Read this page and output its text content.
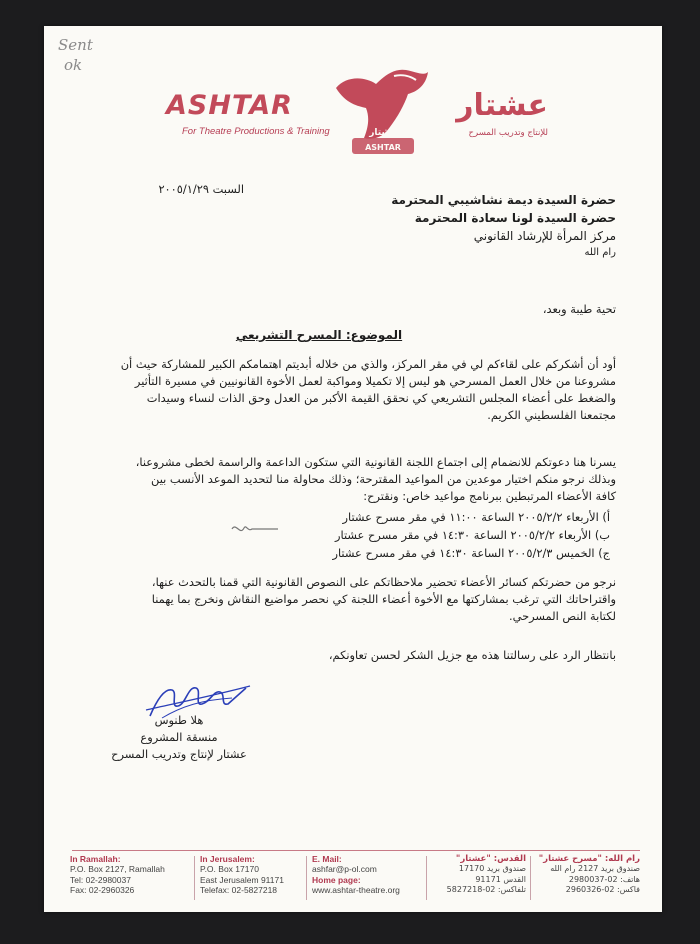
Sent
ok
ASHTAR
For Theatre Productions & Training
ASHTAR
عشتار
عشتار
للإنتاج وتدريب المسرح
السبت ٢٠٠٥/١/٢٩
حضرة السيدة ديمة نشاشيبي المحترمة
حضرة السيدة لونا سعادة المحترمة
مركز المرأة للإرشاد القانوني
رام الله
تحية طيبة وبعد،
الموضوع: المسرح التشريعي
أود أن أشكركم على لقاءكم لي في مقر المركز، والذي من خلاله أبديتم اهتمامكم الكبير للمشاركة حيث أن
مشروعنا من خلال العمل المسرحي هو ليس إلا تكميلا ومواكبة لعمل الأخوة القانونيين في مسيرة التأثير
والضغط على أعضاء المجلس التشريعي كي نحقق القيمة الأكبر من العدل وحق الذات لنساء وسيدات
مجتمعنا الفلسطيني الكريم.
يسرنا هنا دعوتكم للانضمام إلى اجتماع اللجنة القانونية التي ستكون الداعمة والراسمة لخطى مشروعنا،
وبذلك نرجو منكم اختيار موعدين من المواعيد المقترحة؛ وذلك محاولة منا لتحديد الموعد الأنسب بين
كافة الأعضاء المرتبطين ببرنامج مواعيد خاص: ونقترح:
أ) الأربعاء ٢٠٠٥/٢/٢ الساعة ١١:٠٠ في مقر مسرح عشتار
ب) الأربعاء ٢٠٠٥/٢/٢ الساعة ١٤:٣٠ في مقر مسرح عشتار
ج) الخميس ٢٠٠٥/٢/٣ الساعة ١٤:٣٠ في مقر مسرح عشتار
نرجو من حضرتكم كسائر الأعضاء تحضير ملاحظاتكم على النصوص القانونية التي قمنا بالتحدث عنها،
واقتراحاتك التي ترغب بمشاركتها مع الأخوة أعضاء اللجنة كي نحصر مواضيع النقاش ونخرج بما يهمنا
لكتابة النص المسرحي.
بانتظار الرد على رسالتنا هذه مع جزيل الشكر لحسن تعاونكم،
هلا طنوس
منسقة المشروع
عشتار لإنتاج وتدريب المسرح
In Ramallah:
P.O. Box 2127, Ramallah
Tel: 02-2980037
Fax: 02-2960326
In Jerusalem:
P.O. Box 17170
East Jerusalem 91171
Telefax: 02-5827218
E. Mail:
ashfar@p-ol.com
Home page:
www.ashtar-theatre.org
القدس: "عشتار"
صندوق بريد 17170
القدس 91171
تلفاكس: 02-5827218
رام الله: "مسرح عشتار"
صندوق بريد 2127 رام الله
هاتف: 02-2980037
فاكس: 02-2960326
